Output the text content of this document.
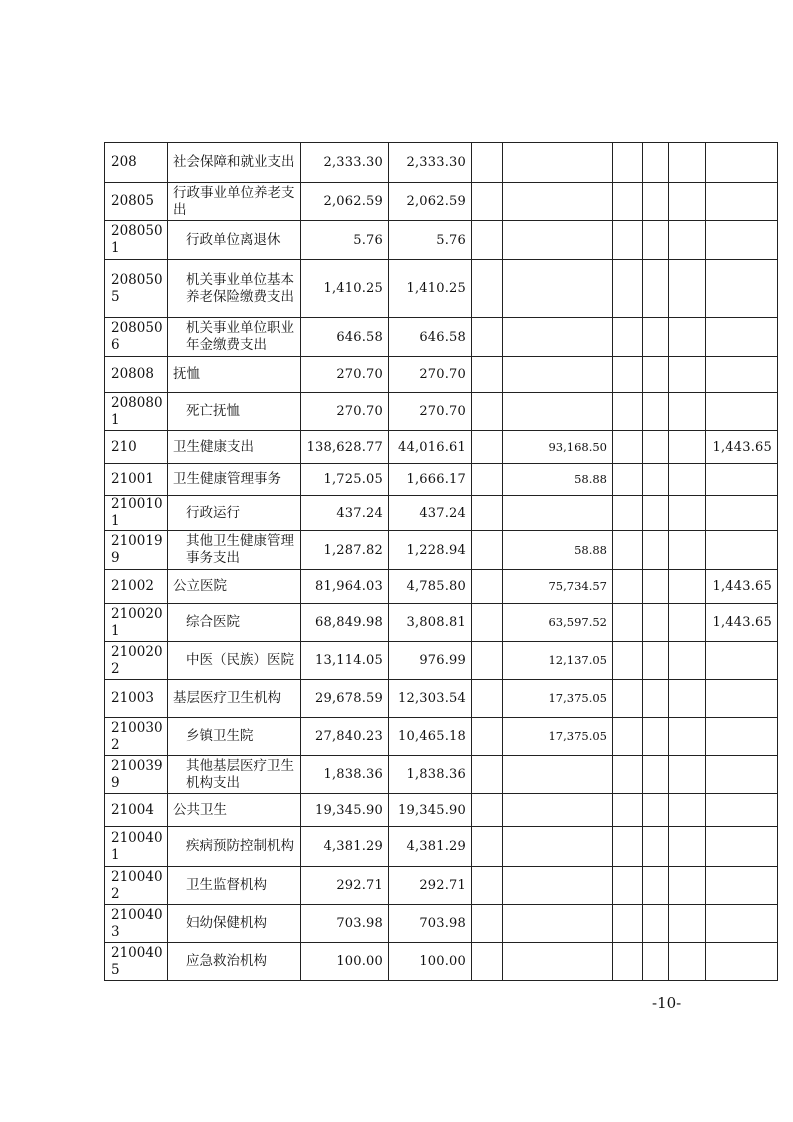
208	社会保障和就业支出	2,333.30	2,333.30						
20805	行政事业单位养老支出	2,062.59	2,062.59						
2080501	行政单位离退休	5.76	5.76						
2080505	机关事业单位基本养老保险缴费支出	1,410.25	1,410.25						
2080506	机关事业单位职业年金缴费支出	646.58	646.58						
20808	抚恤	270.70	270.70						
2080801	死亡抚恤	270.70	270.70						
210	卫生健康支出	138,628.77	44,016.61		93,168.50				1,443.65
21001	卫生健康管理事务	1,725.05	1,666.17		58.88				
2100101	行政运行	437.24	437.24						
2100199	其他卫生健康管理事务支出	1,287.82	1,228.94		58.88				
21002	公立医院	81,964.03	4,785.80		75,734.57				1,443.65
2100201	综合医院	68,849.98	3,808.81		63,597.52				1,443.65
2100202	中医（民族）医院	13,114.05	976.99		12,137.05				
21003	基层医疗卫生机构	29,678.59	12,303.54		17,375.05				
2100302	乡镇卫生院	27,840.23	10,465.18		17,375.05				
2100399	其他基层医疗卫生机构支出	1,838.36	1,838.36						
21004	公共卫生	19,345.90	19,345.90						
2100401	疾病预防控制机构	4,381.29	4,381.29						
2100402	卫生监督机构	292.71	292.71						
2100403	妇幼保健机构	703.98	703.98						
2100405	应急救治机构	100.00	100.00						
-10-
